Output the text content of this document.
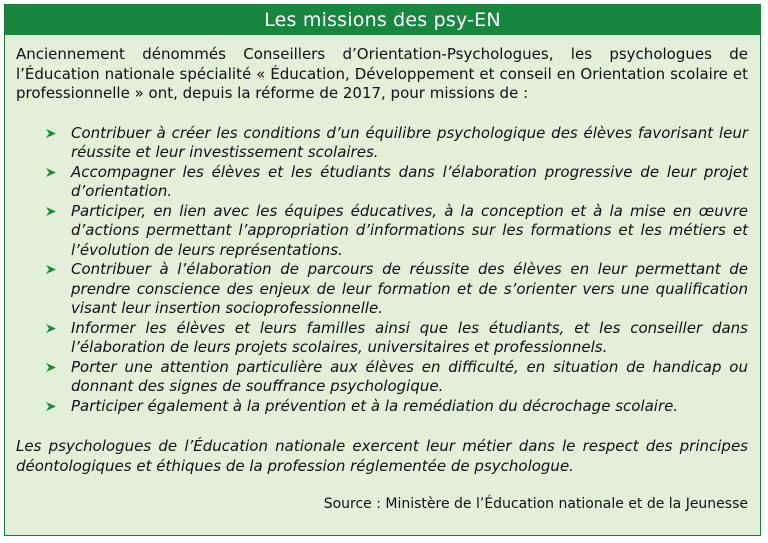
Les missions des psy-EN

Anciennement dénommés Conseillers d’Orientation-Psychologues, les psychologues de l’Éducation nationale spécialité « Éducation, Développement et conseil en Orientation scolaire et professionnelle » ont, depuis la réforme de 2017, pour missions de :

Contribuer à créer les conditions d’un équilibre psychologique des élèves favorisant leur réussite et leur investissement scolaires.
Accompagner les élèves et les étudiants dans l’élaboration progressive de leur projet d’orientation.
Participer, en lien avec les équipes éducatives, à la conception et à la mise en œuvre d’actions permettant l’appropriation d’informations sur les formations et les métiers et l’évolution de leurs représentations.
Contribuer à l’élaboration de parcours de réussite des élèves en leur permettant de prendre conscience des enjeux de leur formation et de s’orienter vers une qualification visant leur insertion socioprofessionnelle.
Informer les élèves et leurs familles ainsi que les étudiants, et les conseiller dans l’élaboration de leurs projets scolaires, universitaires et professionnels.
Porter une attention particulière aux élèves en difficulté, en situation de handicap ou donnant des signes de souffrance psychologique.
Participer également à la prévention et à la remédiation du décrochage scolaire.

Les psychologues de l’Éducation nationale exercent leur métier dans le respect des principes déontologiques et éthiques de la profession réglementée de psychologue.

Source : Ministère de l’Éducation nationale et de la Jeunesse
